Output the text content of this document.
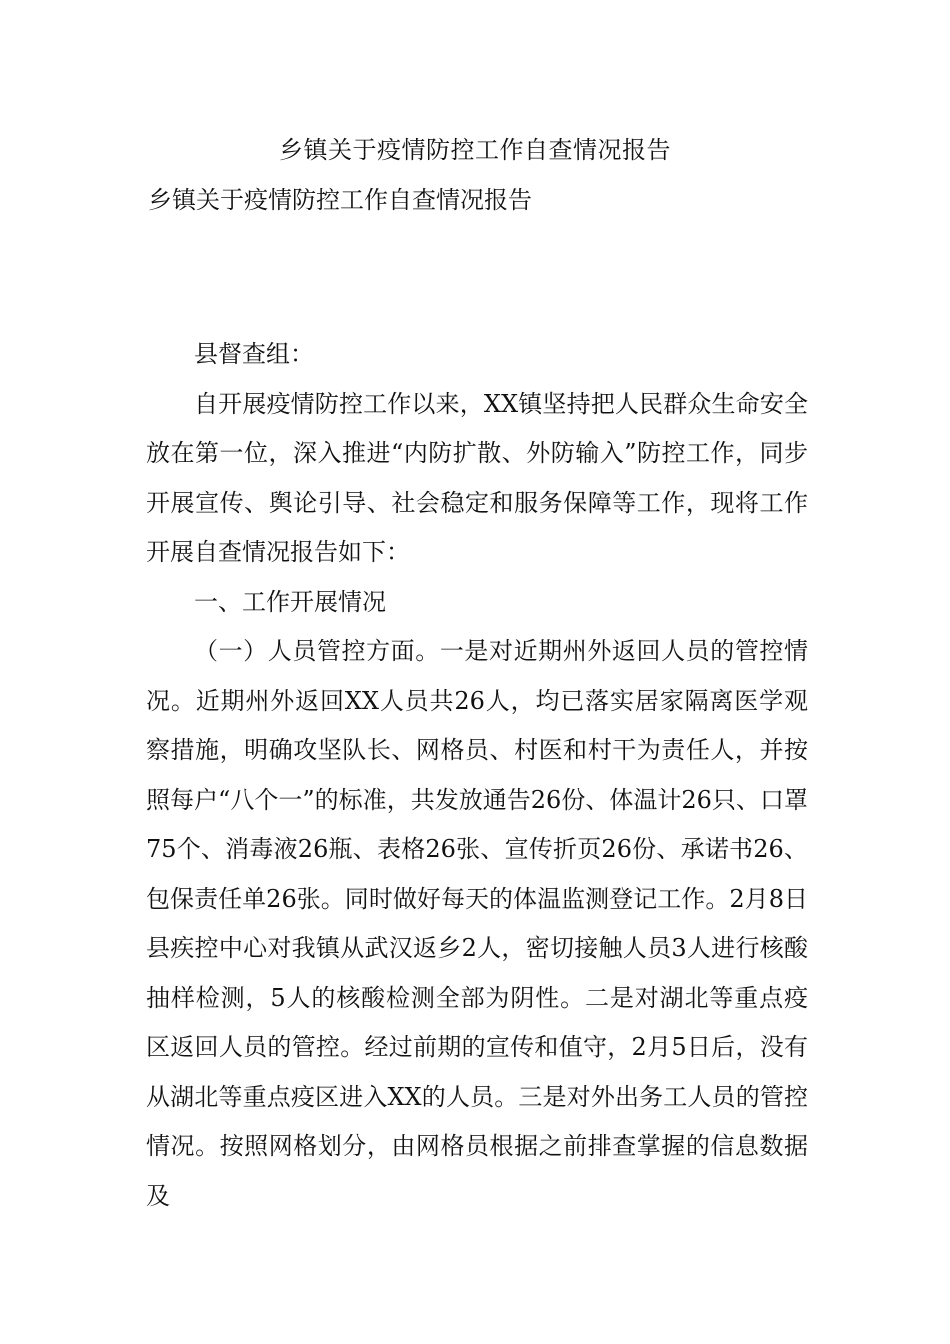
乡镇关于疫情防控工作自查情况报告
乡镇关于疫情防控工作自查情况报告

县督查组：

自开展疫情防控工作以来，XX镇坚持把人民群众生命安全放在第一位，深入推进“内防扩散、外防输入”防控工作，同步开展宣传、舆论引导、社会稳定和服务保障等工作，现将工作开展自查情况报告如下：

一、工作开展情况

（一）人员管控方面。一是对近期州外返回人员的管控情况。近期州外返回XX人员共26人，均已落实居家隔离医学观察措施，明确攻坚队长、网格员、村医和村干为责任人，并按照每户“八个一”的标准，共发放通告26份、体温计26只、口罩75个、消毒液26瓶、表格26张、宣传折页26份、承诺书26、包保责任单26张。同时做好每天的体温监测登记工作。2月8日县疾控中心对我镇从武汉返乡2人，密切接触人员3人进行核酸抽样检测，5人的核酸检测全部为阴性。二是对湖北等重点疫区返回人员的管控。经过前期的宣传和值守，2月5日后，没有从湖北等重点疫区进入XX的人员。三是对外出务工人员的管控情况。按照网格划分，由网格员根据之前排查掌握的信息数据及
